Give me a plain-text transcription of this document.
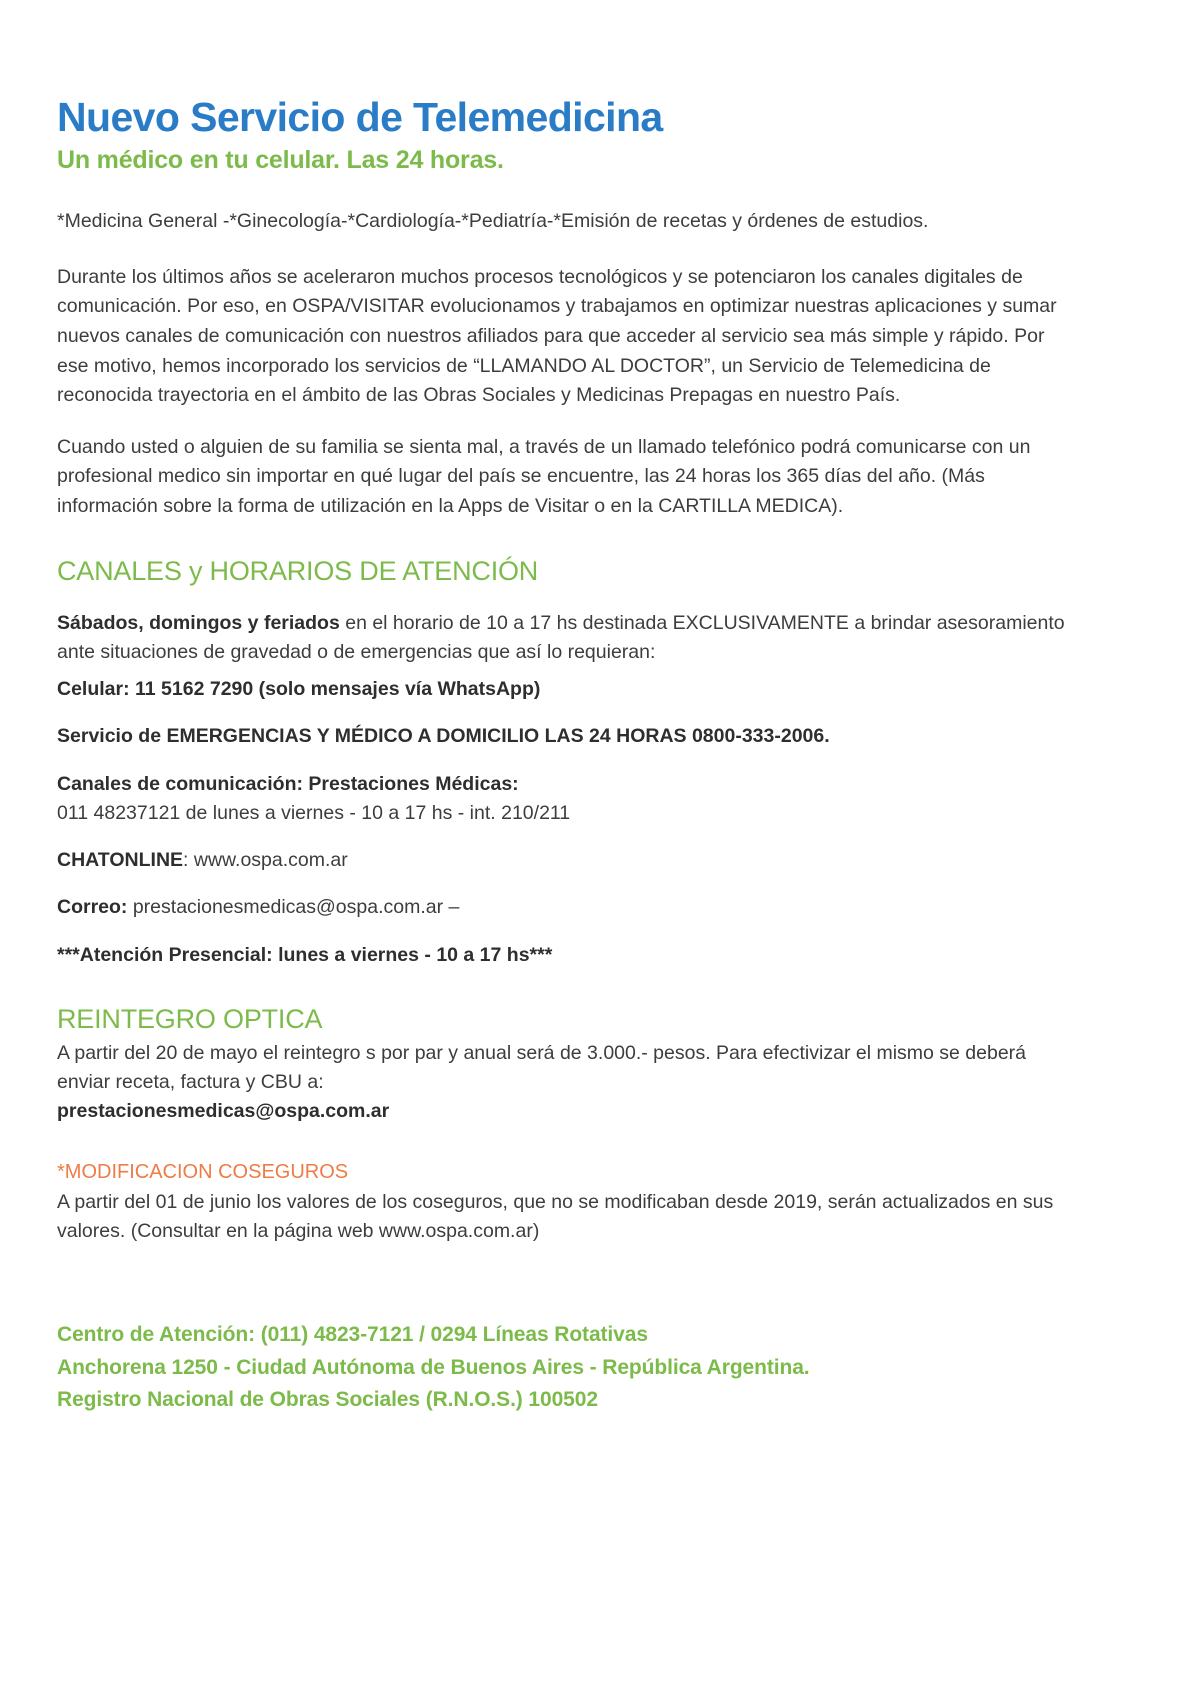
Nuevo Servicio de Telemedicina
Un médico en tu celular. Las 24 horas.

*Medicina General -*Ginecología-*Cardiología-*Pediatría-*Emisión de recetas y órdenes de estudios.

Durante los últimos años se aceleraron muchos procesos tecnológicos y se potenciaron los canales digitales de comunicación. Por eso, en OSPA/VISITAR evolucionamos y trabajamos en optimizar nuestras aplicaciones y sumar nuevos canales de comunicación con nuestros afiliados para que acceder al servicio sea más simple y rápido. Por ese motivo, hemos incorporado los servicios de “LLAMANDO AL DOCTOR”, un Servicio de Telemedicina de reconocida trayectoria en el ámbito de las Obras Sociales y Medicinas Prepagas en nuestro País.

Cuando usted o alguien de su familia se sienta mal, a través de un llamado telefónico podrá comunicarse con un profesional medico sin importar en qué lugar del país se encuentre, las 24 horas los 365 días del año. (Más información sobre la forma de utilización en la Apps de Visitar o en la CARTILLA MEDICA).

CANALES y HORARIOS DE ATENCIÓN

Sábados, domingos y feriados en el horario de 10 a 17 hs destinada EXCLUSIVAMENTE a brindar asesoramiento ante situaciones de gravedad o de emergencias que así lo requieran:

Celular: 11 5162 7290 (solo mensajes vía WhatsApp)

Servicio de EMERGENCIAS Y MÉDICO A DOMICILIO LAS 24 HORAS 0800-333-2006.

Canales de comunicación: Prestaciones Médicas:

011 48237121 de lunes a viernes - 10 a 17 hs - int. 210/211

CHATONLINE: www.ospa.com.ar

Correo: prestacionesmedicas@ospa.com.ar –

***Atención Presencial: lunes a viernes - 10 a 17 hs***

REINTEGRO OPTICA

A partir del 20 de mayo el reintegro s por par y anual será de 3.000.- pesos. Para efectivizar el mismo se deberá enviar receta, factura y CBU a:

prestacionesmedicas@ospa.com.ar

*MODIFICACION COSEGUROS

A partir del 01 de junio los valores de los coseguros, que no se modificaban desde 2019, serán actualizados en sus valores. (Consultar en la página web www.ospa.com.ar)

Centro de Atención: (011) 4823-7121 / 0294 Líneas Rotativas
Anchorena 1250 - Ciudad Autónoma de Buenos Aires - República Argentina.
Registro Nacional de Obras Sociales (R.N.O.S.) 100502
